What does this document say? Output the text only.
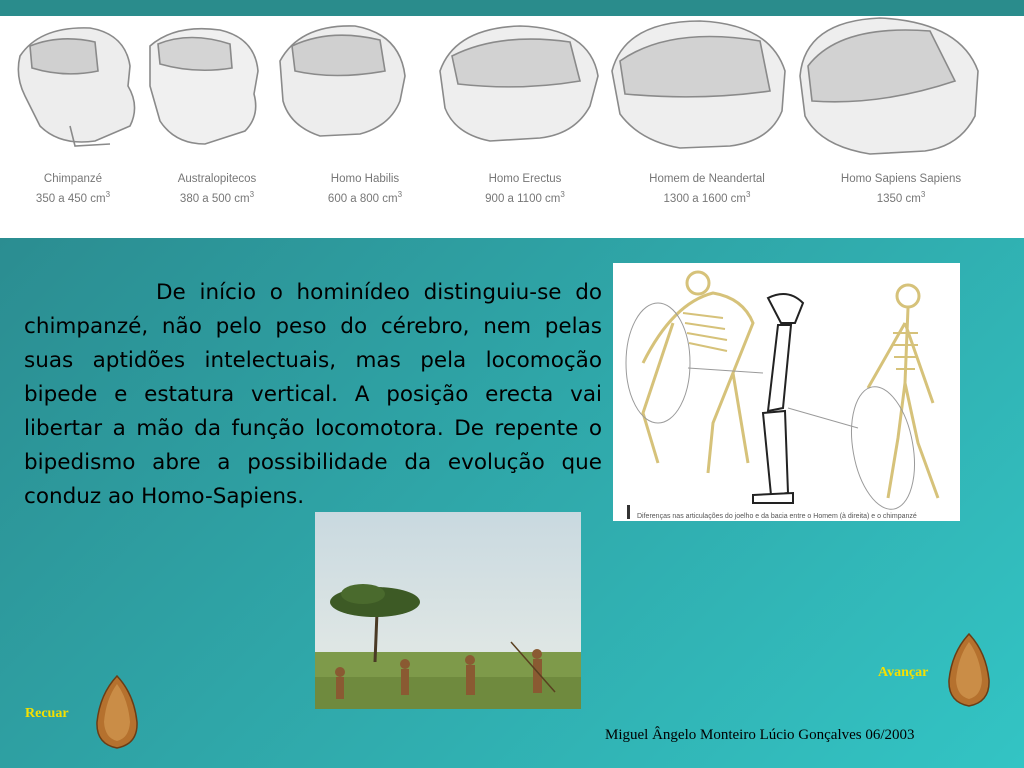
Chimpanzé
350 a 450 $cm^3$
Australopitecos
380 a 500 $cm^3$
Homo Habilis
600 a 800 $cm^3$
Homo Erectus
900 a 1100 $cm^3$
Homem de Neandertal
1300 a 1600 $cm^3$
Homo Sapiens Sapiens
1350 $cm^3$

De início o hominídeo distinguiu-se do chimpanzé, não pelo peso do cérebro, nem pelas suas aptidões intelectuais, mas pela locomoção bipede e estatura vertical. A posição erecta vai libertar a mão da função locomotora. De repente o bipedismo abre a possibilidade da evolução que conduz ao Homo-Sapiens.

Diferenças nas articulações do joelho e da bacia entre o Homem (à direita) e o chimpanzé
Avançar
Recuar
Miguel Ângelo Monteiro Lúcio Gonçalves 06/2003
